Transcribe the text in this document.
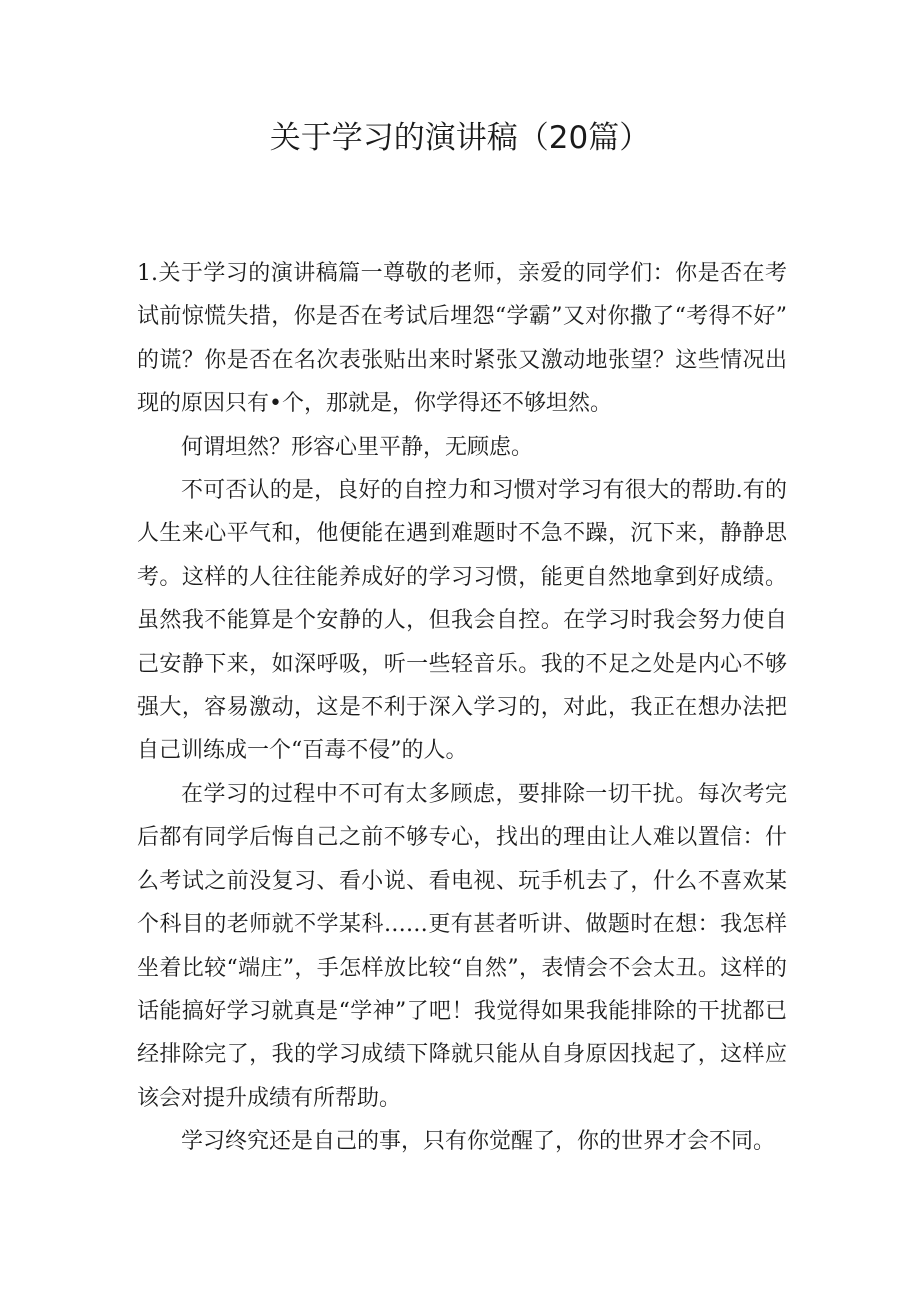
关于学习的演讲稿（20篇）

1.关于学习的演讲稿篇一尊敬的老师，亲爱的同学们：你是否在考试前惊慌失措，你是否在考试后埋怨“学霸”又对你撒了“考得不好”的谎？你是否在名次表张贴出来时紧张又激动地张望？这些情况出现的原因只有•个，那就是，你学得还不够坦然。

何谓坦然？形容心里平静，无顾虑。

不可否认的是，良好的自控力和习惯对学习有很大的帮助.有的人生来心平气和，他便能在遇到难题时不急不躁，沉下来，静静思考。这样的人往往能养成好的学习习惯，能更自然地拿到好成绩。虽然我不能算是个安静的人，但我会自控。在学习时我会努力使自己安静下来，如深呼吸，听一些轻音乐。我的不足之处是内心不够强大，容易激动，这是不利于深入学习的，对此，我正在想办法把自己训练成一个“百毒不侵”的人。

在学习的过程中不可有太多顾虑，要排除一切干扰。每次考完后都有同学后悔自己之前不够专心，找出的理由让人难以置信：什么考试之前没复习、看小说、看电视、玩手机去了，什么不喜欢某个科目的老师就不学某科……更有甚者听讲、做题时在想：我怎样坐着比较“端庄”，手怎样放比较“自然”，表情会不会太丑。这样的话能搞好学习就真是“学神”了吧！我觉得如果我能排除的干扰都已经排除完了，我的学习成绩下降就只能从自身原因找起了，这样应该会对提升成绩有所帮助。

学习终究还是自己的事，只有你觉醒了，你的世界才会不同。
